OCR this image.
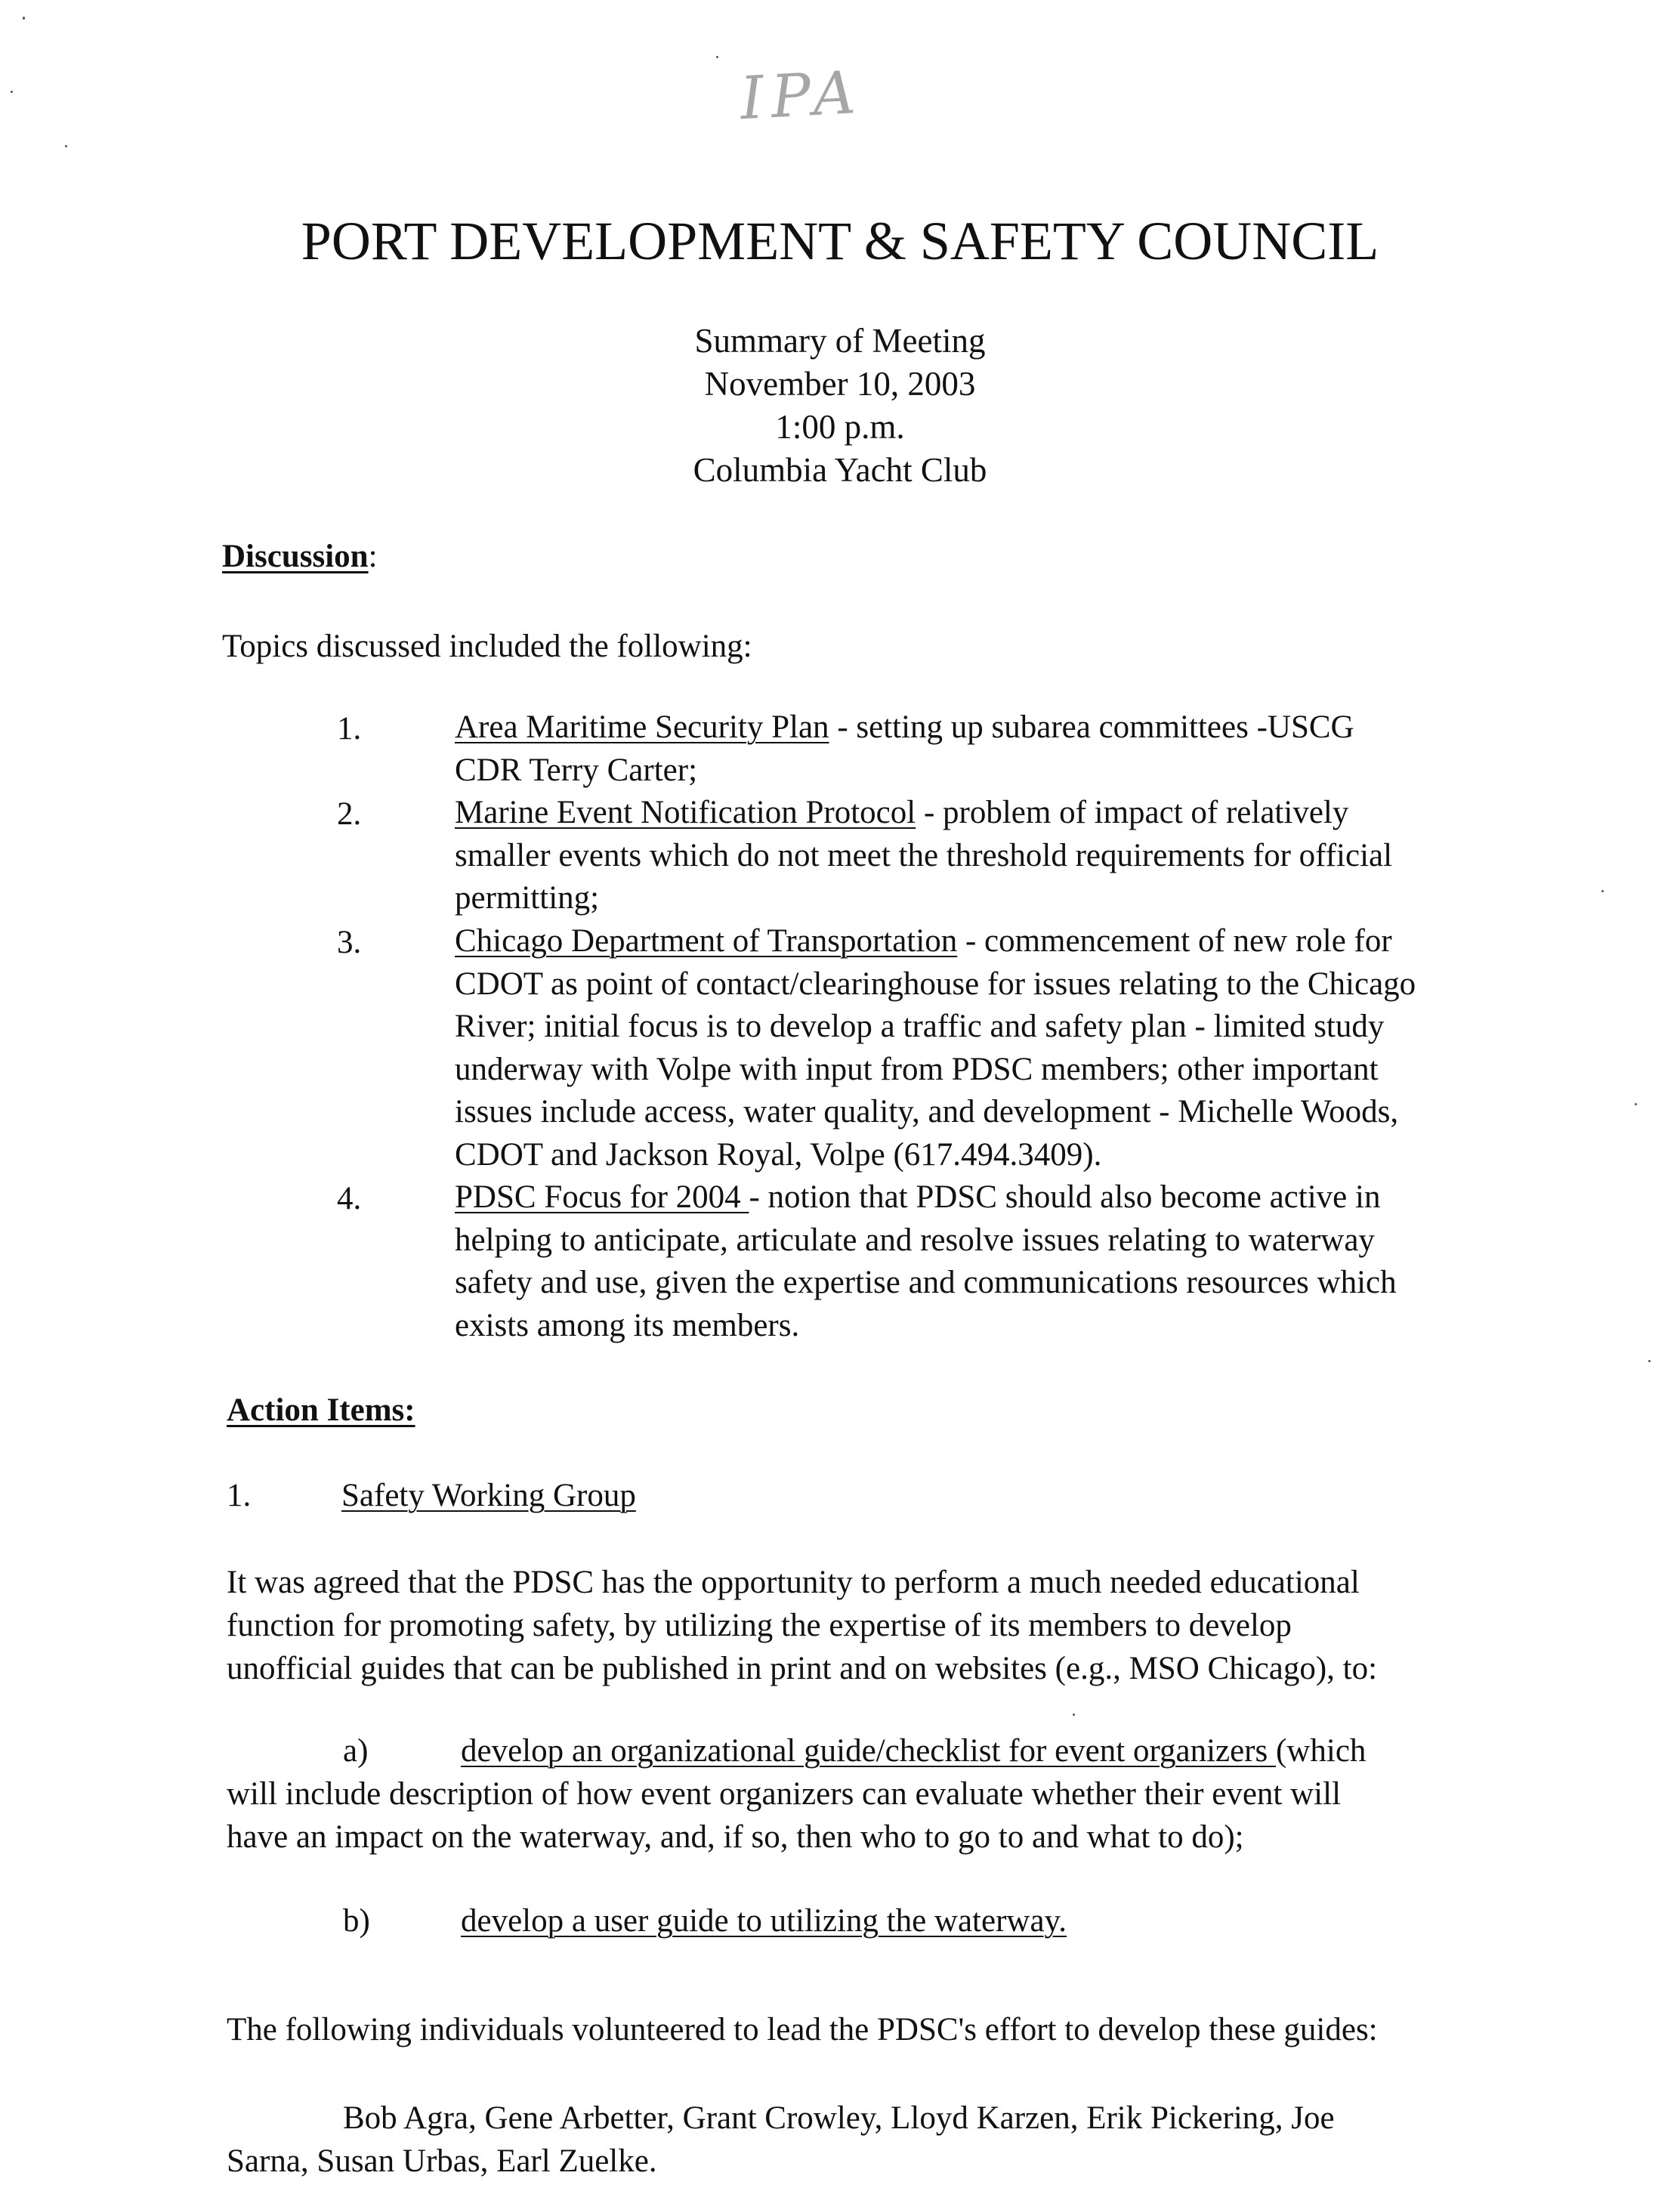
IPA
PORT DEVELOPMENT & SAFETY COUNCIL
Summary of Meeting
November 10, 2003
1:00 p.m.
Columbia Yacht Club
Discussion:
Topics discussed included the following:
1.	Area Maritime Security Plan - setting up subarea committees -USCG
CDR Terry Carter;
2.	Marine Event Notification Protocol - problem of impact of relatively
smaller events which do not meet the threshold requirements for official
permitting;
3.	Chicago Department of Transportation - commencement of new role for
CDOT as point of contact/clearinghouse for issues relating to the Chicago
River; initial focus is to develop a traffic and safety plan - limited study
underway with Volpe with input from PDSC members; other important
issues include access, water quality, and development - Michelle Woods,
CDOT and Jackson Royal, Volpe (617.494.3409).
4.	PDSC Focus for 2004 - notion that PDSC should also become active in
helping to anticipate, articulate and resolve issues relating to waterway
safety and use, given the expertise and communications resources which
exists among its members.
Action Items:
1.	Safety Working Group
It was agreed that the PDSC has the opportunity to perform a much needed educational
function for promoting safety, by utilizing the expertise of its members to develop
unofficial guides that can be published in print and on websites (e.g., MSO Chicago), to:
a)	develop an organizational guide/checklist for event organizers (which
will include description of how event organizers can evaluate whether their event will
have an impact on the waterway, and, if so, then who to go to and what to do);
b)	develop a user guide to utilizing the waterway.
The following individuals volunteered to lead the PDSC's effort to develop these guides:
Bob Agra, Gene Arbetter, Grant Crowley, Lloyd Karzen, Erik Pickering, Joe
Sarna, Susan Urbas, Earl Zuelke.
